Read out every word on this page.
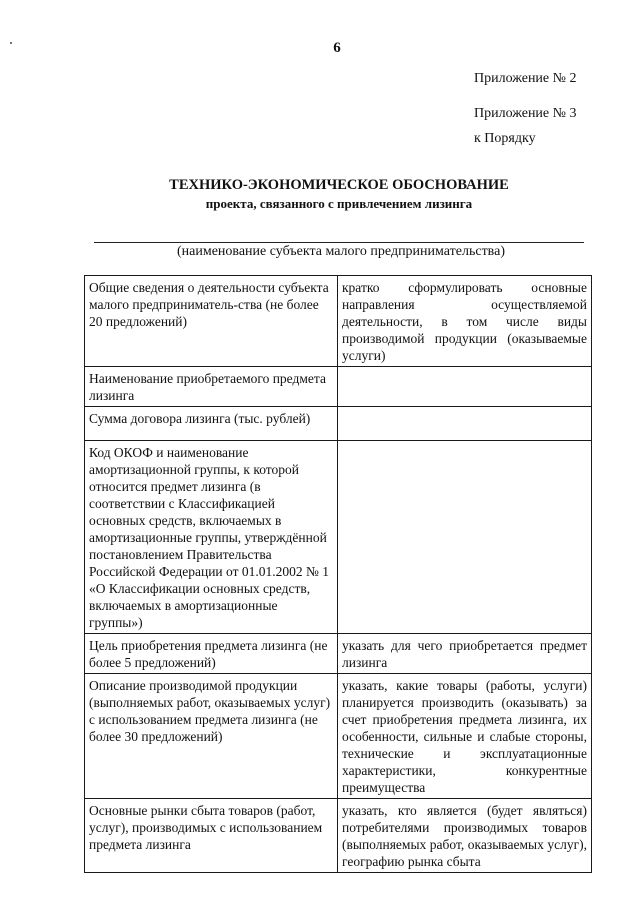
6
Приложение № 2
Приложение № 3
к Порядку
ТЕХНИКО-ЭКОНОМИЧЕСКОЕ ОБОСНОВАНИЕ
проекта, связанного с привлечением лизинга
(наименование субъекта малого предпринимательства)
Общие сведения о деятельности субъекта малого предприниматель-ства (не более 20 предложений)	кратко сформулировать основные направления осуществляемой деятельности, в том числе виды производимой продукции (оказываемые услуги)
Наименование приобретаемого предмета лизинга	
Сумма договора лизинга (тыс. рублей)	
Код ОКОФ и наименование амортизационной группы, к которой относится предмет лизинга (в соответствии с Классификацией основных средств, включаемых в амортизационные группы, утверждённой постановлением Правительства Российской Федерации от 01.01.2002 № 1 «О Классификации основных средств, включаемых в амортизационные группы»)	
Цель приобретения предмета лизинга (не более 5 предложений)	указать для чего приобретается предмет лизинга
Описание производимой продукции (выполняемых работ, оказываемых услуг) с использованием предмета лизинга (не более 30 предложений)	указать, какие товары (работы, услуги) планируется производить (оказывать) за счет приобретения предмета лизинга, их особенности, сильные и слабые стороны, технические и эксплуатационные характеристики, конкурентные преимущества
Основные рынки сбыта товаров (работ, услуг), производимых с использованием предмета лизинга	указать, кто является (будет являться) потребителями производимых товаров (выполняемых работ, оказываемых услуг), географию рынка сбыта
